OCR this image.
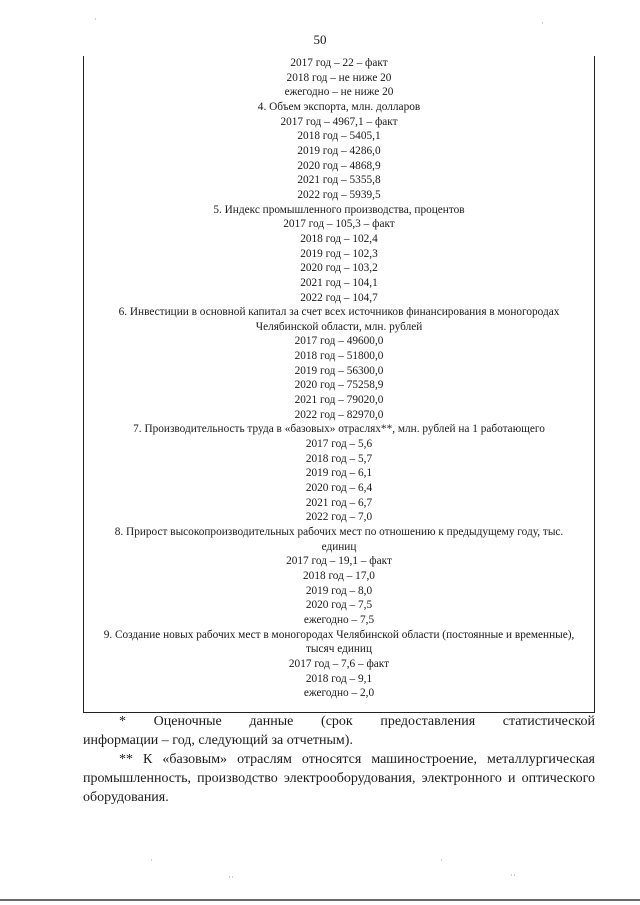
50

2017 год – 22 – факт

2018 год – не ниже 20

ежегодно – не ниже 20

4. Объем экспорта, млн. долларов

2017 год – 4967,1 – факт

2018 год – 5405,1

2019 год – 4286,0

2020 год – 4868,9

2021 год – 5355,8

2022 год – 5939,5

5. Индекс промышленного производства, процентов

2017 год – 105,3 – факт

2018 год – 102,4

2019 год – 102,3

2020 год – 103,2

2021 год – 104,1

2022 год – 104,7

6. Инвестиции в основной капитал за счет всех источников финансирования в моногородах Челябинской области, млн. рублей

2017 год – 49600,0

2018 год – 51800,0

2019 год – 56300,0

2020 год – 75258,9

2021 год – 79020,0

2022 год – 82970,0

7. Производительность труда в «базовых» отраслях**, млн. рублей на 1 работающего

2017 год – 5,6

2018 год – 5,7

2019 год – 6,1

2020 год – 6,4

2021 год – 6,7

2022 год – 7,0

8. Прирост высокопроизводительных рабочих мест по отношению к предыдущему году, тыс. единиц

2017 год – 19,1 – факт

2018 год – 17,0

2019 год – 8,0

2020 год – 7,5

ежегодно – 7,5

9. Создание новых рабочих мест в моногородах Челябинской области (постоянные и временные), тысяч единиц

2017 год – 7,6 – факт

2018 год – 9,1

ежегодно – 2,0

* Оценочные данные (срок предоставления статистической
информации – год, следующий за отчетным).

** К «базовым» отраслям относятся машиностроение, металлургическая промышленность, производство электрооборудования, электронного и оптического оборудования.

·	·
·
··
·
··
